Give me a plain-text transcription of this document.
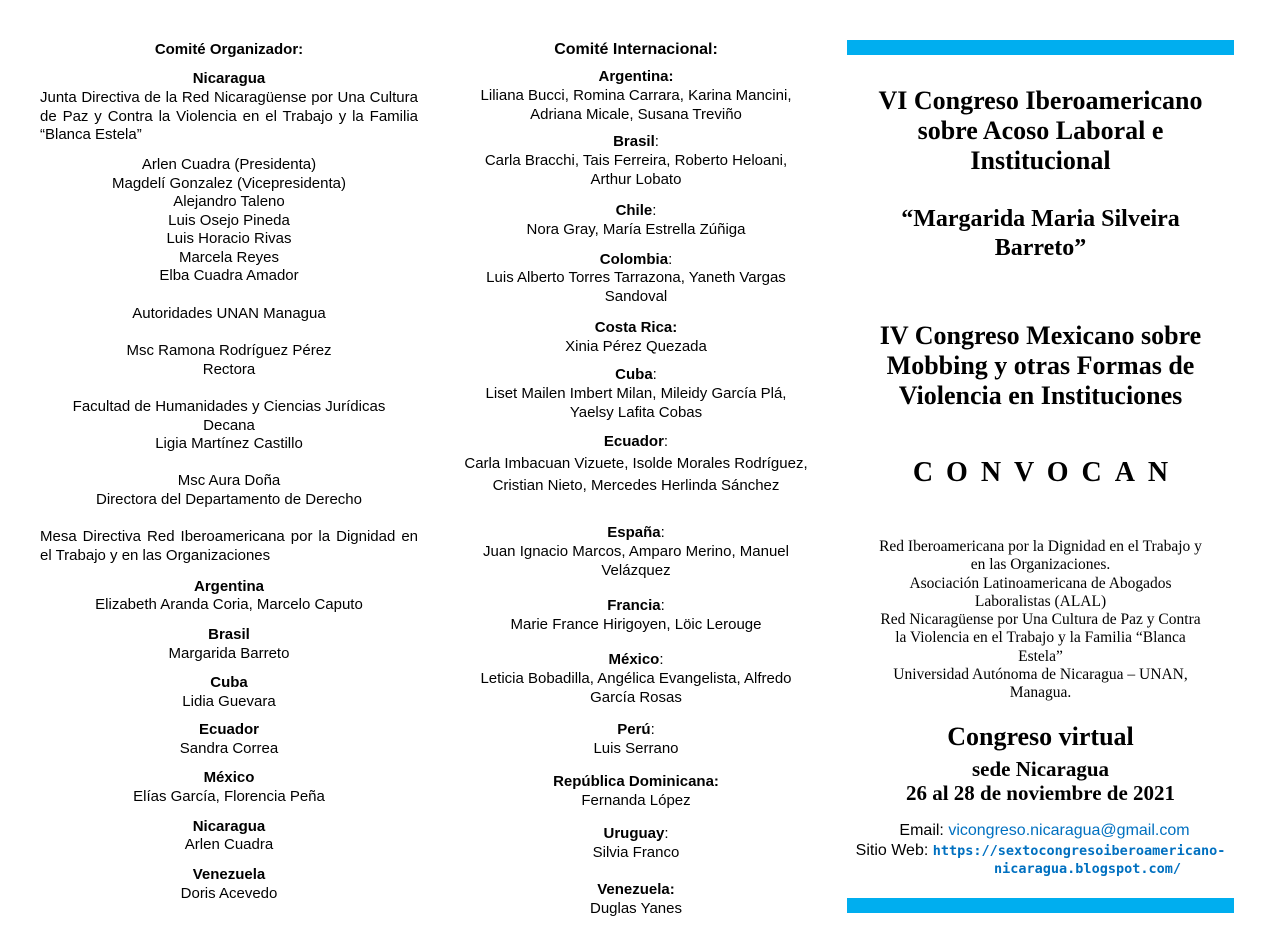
Comité Organizador:

Nicaragua

Junta Directiva de la Red Nicaragüense por Una Cultura de Paz y Contra la Violencia en el Trabajo y la Familia “Blanca Estela”

Arlen Cuadra (Presidenta)
Magdelí Gonzalez (Vicepresidenta)
Alejandro Taleno
Luis Osejo Pineda
Luis Horacio Rivas
Marcela Reyes
Elba Cuadra Amador

Autoridades UNAN Managua

Msc Ramona Rodríguez Pérez
Rectora

Facultad de Humanidades y Ciencias Jurídicas
Decana
Ligia Martínez Castillo

Msc Aura Doña
Directora del Departamento de Derecho

Mesa Directiva Red Iberoamericana por la Dignidad en el Trabajo y en las Organizaciones

Argentina

Elizabeth Aranda Coria, Marcelo Caputo

Brasil

Margarida Barreto

Cuba

Lidia Guevara

Ecuador

Sandra Correa

México

Elías García, Florencia Peña

Nicaragua

Arlen Cuadra

Venezuela

Doris Acevedo

Comité Internacional:

Argentina:

Liliana Bucci, Romina Carrara, Karina Mancini,
Adriana Micale, Susana Treviño

Brasil:

Carla Bracchi, Tais Ferreira, Roberto Heloani,
Arthur Lobato

Chile:

Nora Gray, María Estrella Zúñiga

Colombia:

Luis Alberto Torres Tarrazona, Yaneth Vargas
Sandoval

Costa Rica:

Xinia Pérez Quezada

Cuba:

Liset Mailen Imbert Milan, Mileidy García Plá,
Yaelsy Lafita Cobas

Ecuador:

Carla Imbacuan Vizuete, Isolde Morales Rodríguez,
Cristian Nieto, Mercedes Herlinda Sánchez

España:

Juan Ignacio Marcos, Amparo Merino, Manuel
Velázquez

Francia:

Marie France Hirigoyen, Löic Lerouge

México:

Leticia Bobadilla, Angélica Evangelista, Alfredo
García Rosas

Perú:

Luis Serrano

República Dominicana:

Fernanda López

Uruguay:

Silvia Franco

Venezuela:

Duglas Yanes

VI Congreso Iberoamericano
sobre Acoso Laboral e
Institucional

“Margarida Maria Silveira
Barreto”

IV Congreso Mexicano sobre
Mobbing y otras Formas de
Violencia en Instituciones

CONVOCAN

Red Iberoamericana por la Dignidad en el Trabajo y
en las Organizaciones.
Asociación Latinoamericana de Abogados
Laboralistas (ALAL)
Red Nicaragüense por Una Cultura de Paz y Contra
la Violencia en el Trabajo y la Familia “Blanca
Estela”
Universidad Autónoma de Nicaragua – UNAN,
Managua.

Congreso virtual

sede Nicaragua

26 al 28 de noviembre de 2021

Email: vicongreso.nicaragua@gmail.com

Sitio Web: https://sextocongresoiberoamericano-

nicaragua.blogspot.com/
